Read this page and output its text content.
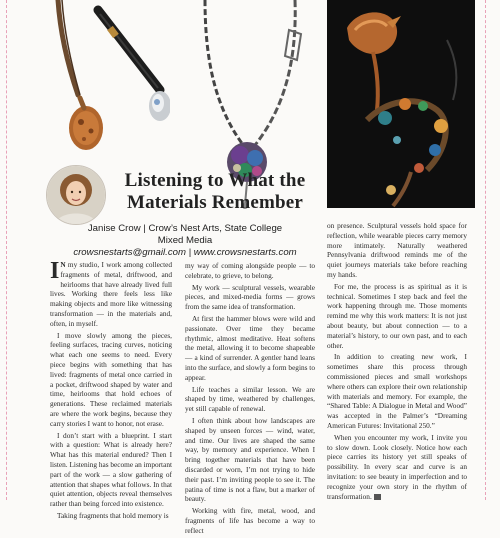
Listening to What the Materials Remember
Janise Crow | Crow’s Nest Arts, State College
Mixed Media
crowsnestarts@gmail.com | www.crowsnestarts.com

I N my studio, I work among collected fragments of metal, driftwood, and heirlooms that have already lived full lives. Working there feels less like making objects and more like witnessing transformation — in the materials and, often, in myself.

I move slowly among the pieces, feeling surfaces, tracing curves, noticing what each one seems to need. Every piece begins with something that has lived: fragments of metal once carried in a pocket, driftwood shaped by water and time, heirlooms that hold echoes of generations. These reclaimed materials are where the work begins, because they carry stories I want to honor, not erase.

I don’t start with a blueprint. I start with a question: What is already here? What has this material endured? Then I listen. Listening has become an important part of the work — a slow gathering of attention that shapes what follows. In that quiet attention, objects reveal themselves rather than being forced into existence.

Taking fragments that hold memory is

my way of coming alongside people — to celebrate, to grieve, to belong.

My work — sculptural vessels, wearable pieces, and mixed-media forms — grows from the same idea of transformation.

At first the hammer blows were wild and passionate. Over time they became rhythmic, almost meditative. Heat softens the metal, allowing it to become shapeable — a kind of surrender. A gentler hand leans into the surface, and slowly a form begins to appear.

Life teaches a similar lesson. We are shaped by time, weathered by challenges, yet still capable of renewal.

I often think about how landscapes are shaped by unseen forces — wind, water, and time. Our lives are shaped the same way, by memory and experience. When I bring together materials that have been discarded or worn, I’m not trying to hide their past. I’m inviting people to see it. The patina of time is not a flaw, but a marker of beauty.

Working with fire, metal, wood, and fragments of life has become a way to reflect

on presence. Sculptural vessels hold space for reflection, while wearable pieces carry memory more intimately. Naturally weathered Pennsylvania driftwood reminds me of the quiet journeys materials take before reaching my hands.

For me, the process is as spiritual as it is technical. Sometimes I step back and feel the work happening through me. Those moments remind me why this work matters: It is not just about beauty, but about connection — to a material’s history, to our own past, and to each other.

In addition to creating new work, I sometimes share this process through commissioned pieces and small workshops where others can explore their own relationship with materials and memory. For example, the “Shared Table: A Dialogue in Metal and Wood” was accepted in the Palmer’s “Dreaming American Futures: Invitational 250.”

When you encounter my work, I invite you to slow down. Look closely. Notice how each piece carries its history yet still speaks of possibility. In every scar and curve is an invitation: to see beauty in imperfection and to recognize your own story in the rhythm of transformation.
